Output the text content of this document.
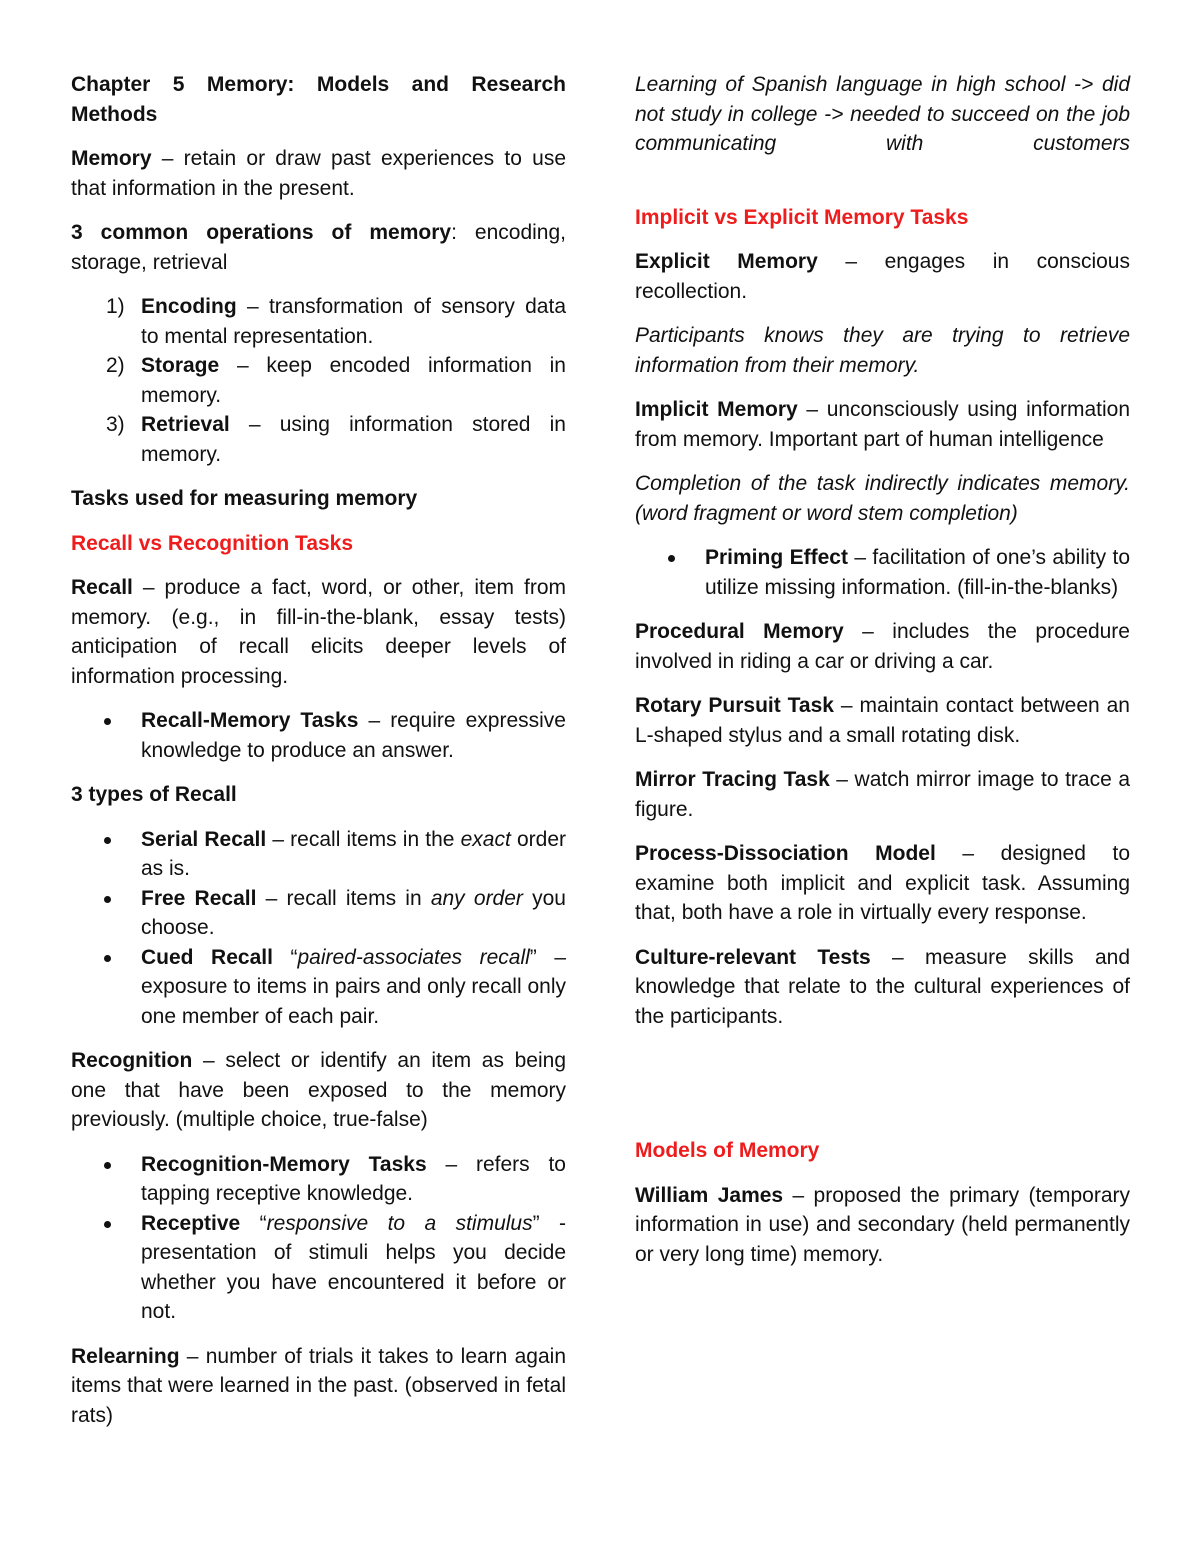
Chapter 5 Memory: Models and Research Methods

Memory – retain or draw past experiences to use that information in the present.

3 common operations of memory: encoding, storage, retrieval

1) Encoding – transformation of sensory data to mental representation.
2) Storage – keep encoded information in memory.
3) Retrieval – using information stored in memory.

Tasks used for measuring memory

Recall vs Recognition Tasks

Recall – produce a fact, word, or other, item from memory. (e.g., in fill-in-the-blank, essay tests) anticipation of recall elicits deeper levels of information processing.

Recall-Memory Tasks – require expressive knowledge to produce an answer.

3 types of Recall

Serial Recall – recall items in the exact order as is.
Free Recall – recall items in any order you choose.
Cued Recall “paired-associates recall” – exposure to items in pairs and only recall only one member of each pair.

Recognition – select or identify an item as being one that have been exposed to the memory previously. (multiple choice, true-false)

Recognition-Memory Tasks – refers to tapping receptive knowledge.
Receptive “responsive to a stimulus” - presentation of stimuli helps you decide whether you have encountered it before or not.

Relearning – number of trials it takes to learn again items that were learned in the past. (observed in fetal rats)

Learning of Spanish language in high school -> did not study in college -> needed to succeed on the job communicating with customers

Implicit vs Explicit Memory Tasks

Explicit Memory – engages in conscious recollection.

Participants knows they are trying to retrieve information from their memory.

Implicit Memory – unconsciously using information from memory. Important part of human intelligence

Completion of the task indirectly indicates memory. (word fragment or word stem completion)

Priming Effect – facilitation of one’s ability to utilize missing information. (fill-in-the-blanks)

Procedural Memory – includes the procedure involved in riding a car or driving a car.

Rotary Pursuit Task – maintain contact between an L-shaped stylus and a small rotating disk.

Mirror Tracing Task – watch mirror image to trace a figure.

Process-Dissociation Model – designed to examine both implicit and explicit task. Assuming that, both have a role in virtually every response.

Culture-relevant Tests – measure skills and knowledge that relate to the cultural experiences of the participants.

Models of Memory

William James – proposed the primary (temporary information in use) and secondary (held permanently or very long time) memory.
